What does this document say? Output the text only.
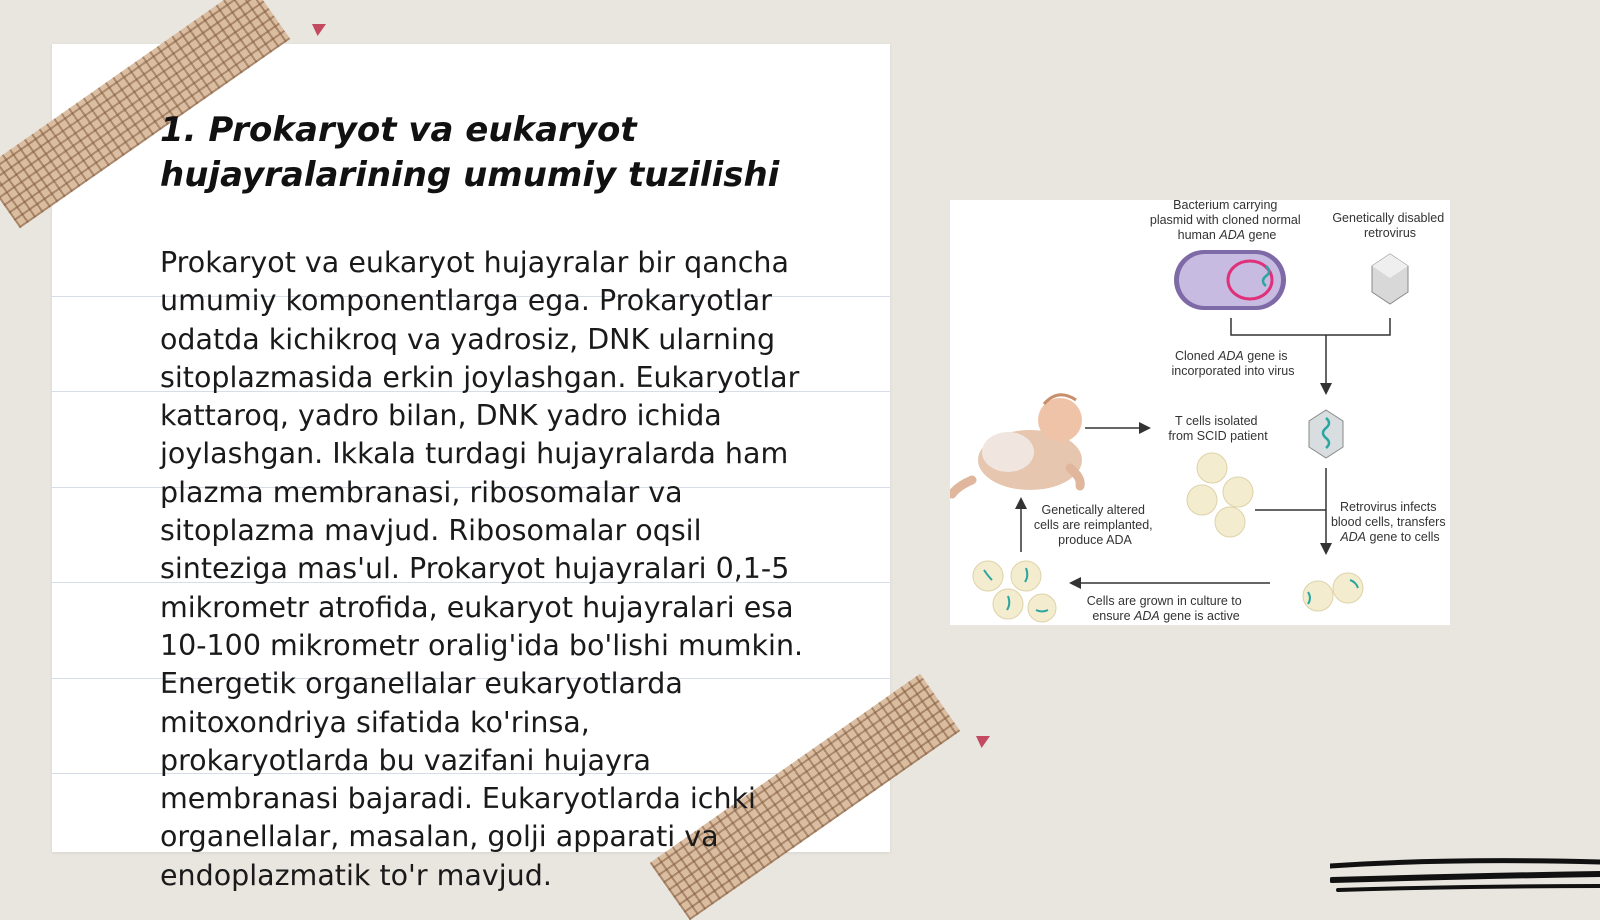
1. Prokaryot va eukaryot
hujayralarining umumiy tuzilishi

Prokaryot va eukaryot hujayralar bir qancha
umumiy komponentlarga ega. Prokaryotlar
odatda kichikroq va yadrosiz, DNK ularning
sitoplazmasida erkin joylashgan. Eukaryotlar
kattaroq, yadro bilan, DNK yadro ichida
joylashgan. Ikkala turdagi hujayralarda ham
plazma membranasi, ribosomalar va
sitoplazma mavjud. Ribosomalar oqsil
sinteziga mas'ul. Prokaryot hujayralari 0,1-5
mikrometr atrofida, eukaryot hujayralari esa
10-100 mikrometr oralig'ida bo'lishi mumkin.
Energetik organellalar eukaryotlarda
mitoxondriya sifatida ko'rinsa,
prokaryotlarda bu vazifani hujayra
membranasi bajaradi. Eukaryotlarda ichki
organellalar, masalan, golji apparati va
endoplazmatik to'r mavjud.

Bacterium carrying plasmid with cloned normal human ADA gene
Genetically disabled retrovirus
Cloned ADA gene is incorporated into virus
T cells isolated from SCID patient
Retrovirus infects blood cells, transfers ADA gene to cells
Genetically altered cells are reimplanted, produce ADA
Cells are grown in culture to ensure ADA gene is active
